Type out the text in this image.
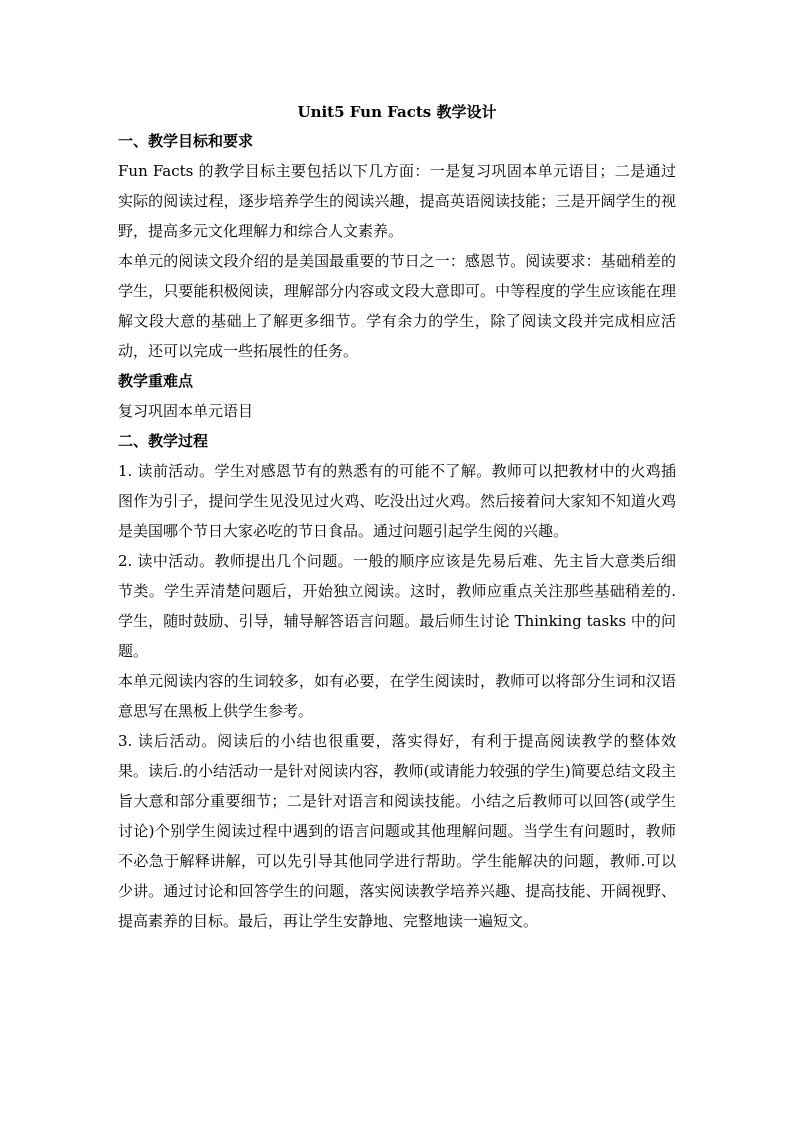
Unit5 Fun Facts 教学设计

一、教学目标和要求

Fun Facts 的教学目标主要包括以下几方面：一是复习巩固本单元语目；二是通过实际的阅读过程，逐步培养学生的阅读兴趣，提高英语阅读技能；三是开阔学生的视野，提高多元文化理解力和综合人文素养。

本单元的阅读文段介绍的是美国最重要的节日之一：感恩节。阅读要求：基础稍差的学生，只要能积极阅读，理解部分内容或文段大意即可。中等程度的学生应该能在理解文段大意的基础上了解更多细节。学有余力的学生，除了阅读文段并完成相应活动，还可以完成一些拓展性的任务。

教学重难点

复习巩固本单元语目

二、教学过程

1. 读前活动。学生对感恩节有的熟悉有的可能不了解。教师可以把教材中的火鸡插图作为引子，提问学生见没见过火鸡、吃没出过火鸡。然后接着问大家知不知道火鸡是美国哪个节日大家必吃的节日食品。通过问题引起学生阅的兴趣。

2. 读中活动。教师提出几个问题。一般的顺序应该是先易后难、先主旨大意类后细节类。学生弄清楚问题后，开始独立阅读。这时，教师应重点关注那些基础稍差的.学生，随时鼓励、引导，辅导解答语言问题。最后师生讨论 Thinking tasks 中的问题。

本单元阅读内容的生词较多，如有必要，在学生阅读时，教师可以将部分生词和汉语意思写在黑板上供学生参考。

3. 读后活动。阅读后的小结也很重要，落实得好，有利于提高阅读教学的整体效果。读后.的小结活动一是针对阅读内容，教师(或请能力较强的学生)简要总结文段主旨大意和部分重要细节；二是针对语言和阅读技能。小结之后教师可以回答(或学生讨论)个别学生阅读过程中遇到的语言问题或其他理解问题。当学生有问题时，教师不必急于解释讲解，可以先引导其他同学进行帮助。学生能解决的问题，教师.可以少讲。通过讨论和回答学生的问题，落实阅读教学培养兴趣、提高技能、开阔视野、提高素养的目标。最后，再让学生安静地、完整地读一遍短文。
